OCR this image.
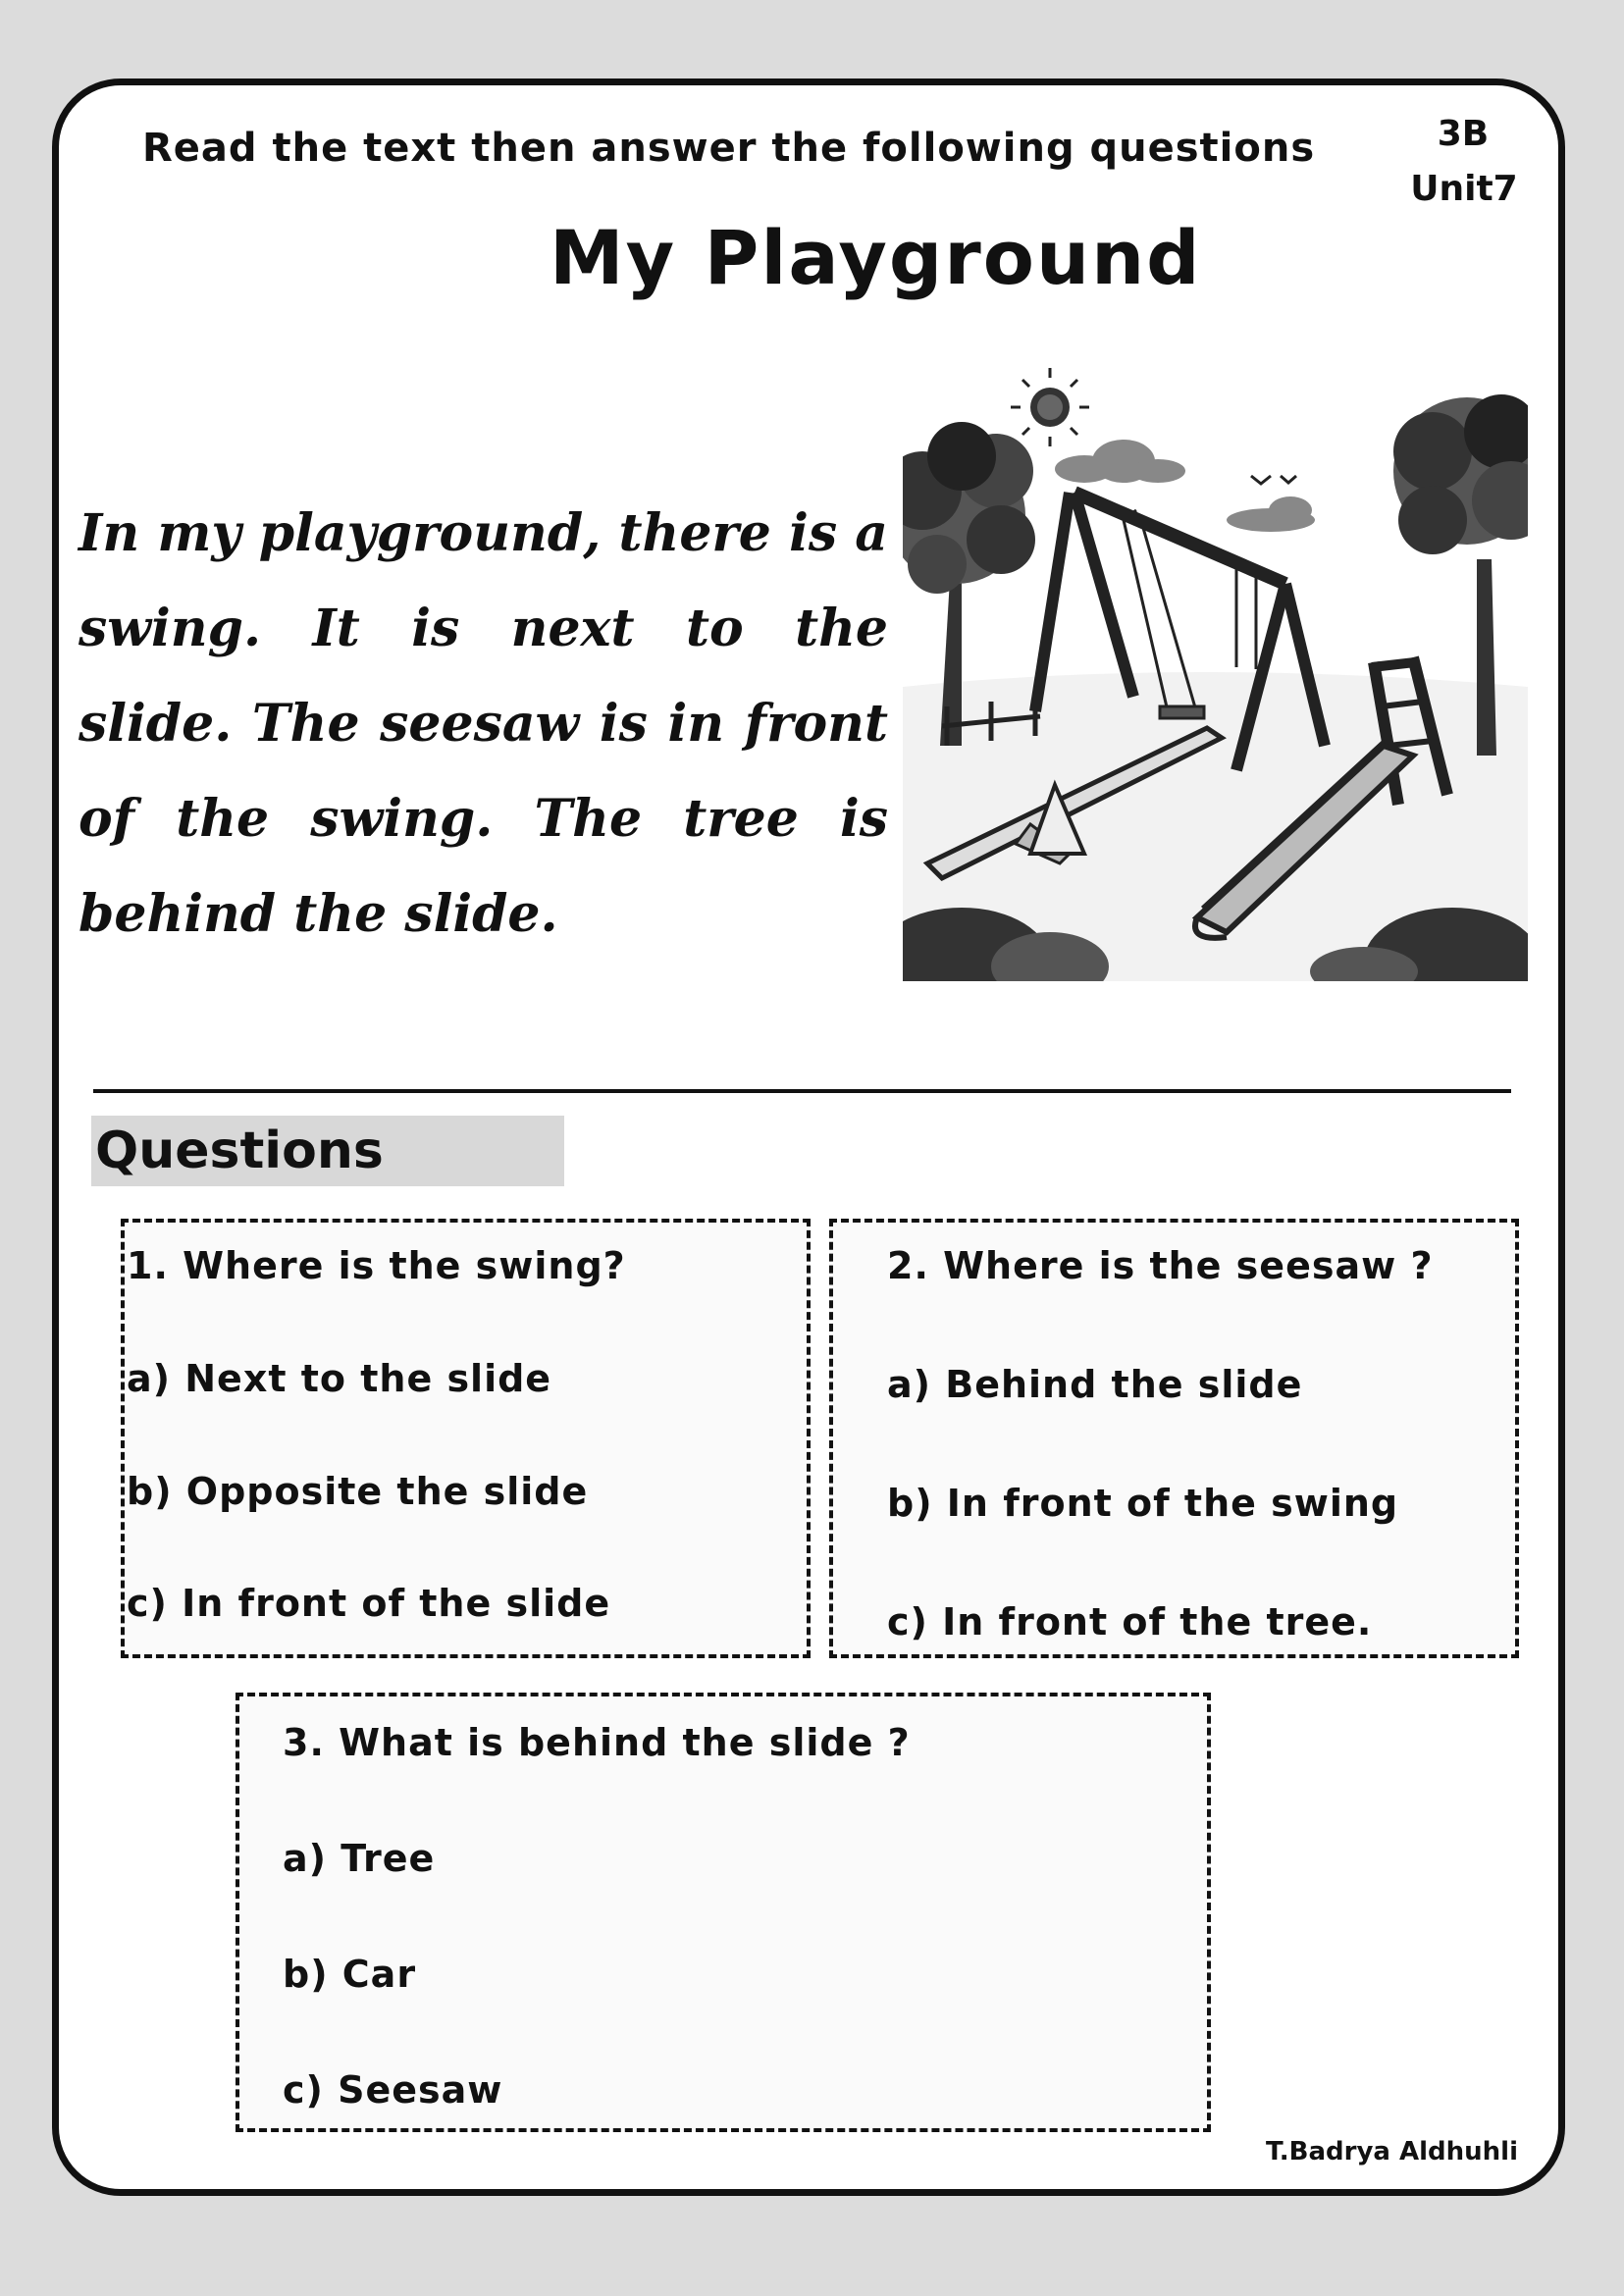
Read the text then answer the following questions	3B
Unit7
My Playground
In my playground, there is a swing. It is next to the slide. The seesaw is in front of the swing. The tree is behind the slide.
Questions
1. Where is the swing?
a) Next to the slide
b) Opposite the slide
c) In front of the slide
2. Where is the seesaw ?
a) Behind the slide
b) In front of the swing
c) In front of the tree.
3. What is behind the slide ?
a) Tree
b) Car
c) Seesaw
T.Badrya Aldhuhli
